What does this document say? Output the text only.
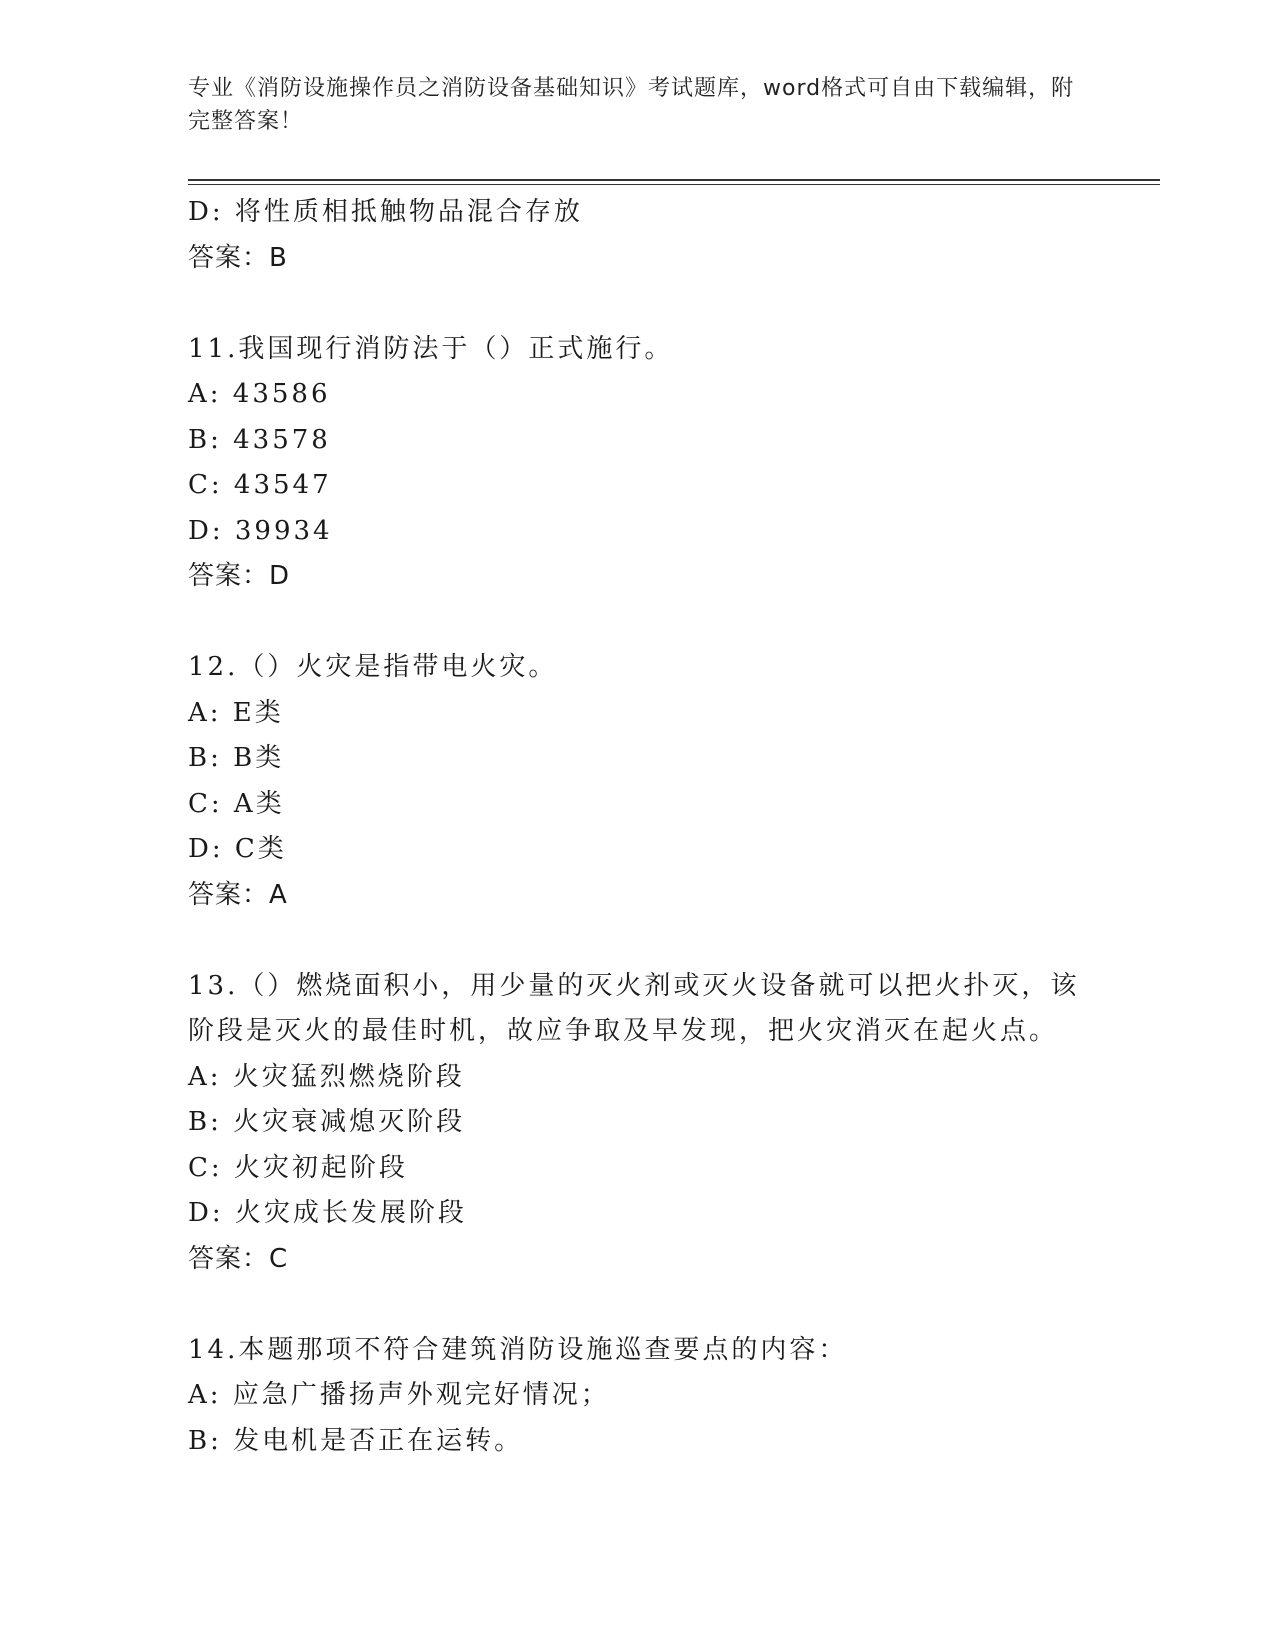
专业《消防设施操作员之消防设备基础知识》考试题库，word格式可自由下载编辑，附完整答案！
D: 将性质相抵触物品混合存放
答案：B
11.我国现行消防法于（）正式施行。
A: 43586
B: 43578
C: 43547
D: 39934
答案：D
12.（）火灾是指带电火灾。
A: E类
B: B类
C: A类
D: C类
答案：A
13.（）燃烧面积小，用少量的灭火剂或灭火设备就可以把火扑灭，该阶段是灭火的最佳时机，故应争取及早发现，把火灾消灭在起火点。
A: 火灾猛烈燃烧阶段
B: 火灾衰减熄灭阶段
C: 火灾初起阶段
D: 火灾成长发展阶段
答案：C
14.本题那项不符合建筑消防设施巡查要点的内容：
A: 应急广播扬声外观完好情况；
B: 发电机是否正在运转。
